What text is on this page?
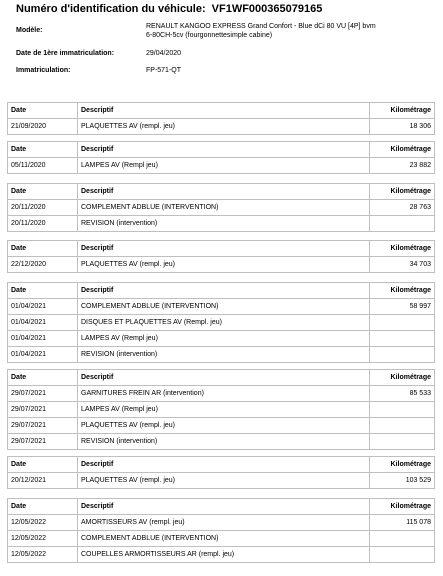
Numéro d'identification du véhicule: VF1WF000365079165
Modèle:
RENAULT KANGOO EXPRESS Grand Confort - Blue dCi 80 VU [4P] bvm
6-80CH-5cv (fourgonnettesimple cabine)
Date de 1ère immatriculation:	29/04/2020
Immatriculation:	FP-571-QT
Date	Descriptif	Kilométrage
21/09/2020	PLAQUETTES AV (rempl. jeu)	18 306
Date	Descriptif	Kilométrage
05/11/2020	LAMPES AV (Rempl jeu)	23 882
Date	Descriptif	Kilométrage
20/11/2020	COMPLEMENT ADBLUE (INTERVENTION)	28 763
20/11/2020	REVISION (intervention)	
Date	Descriptif	Kilométrage
22/12/2020	PLAQUETTES AV (rempl. jeu)	34 703
Date	Descriptif	Kilométrage
01/04/2021	COMPLEMENT ADBLUE (INTERVENTION)	58 997
01/04/2021	DISQUES ET PLAQUETTES AV (Rempl. jeu)	
01/04/2021	LAMPES AV (Rempl jeu)	
01/04/2021	REVISION (intervention)	
Date	Descriptif	Kilométrage
29/07/2021	GARNITURES FREIN AR (intervention)	85 533
29/07/2021	LAMPES AV (Rempl jeu)	
29/07/2021	PLAQUETTES AV (rempl. jeu)	
29/07/2021	REVISION (intervention)	
Date	Descriptif	Kilométrage
20/12/2021	PLAQUETTES AV (rempl. jeu)	103 529
Date	Descriptif	Kilométrage
12/05/2022	AMORTISSEURS AV (rempl. jeu)	115 078
12/05/2022	COMPLEMENT ADBLUE (INTERVENTION)	
12/05/2022	COUPELLES ARMORTISSEURS AR (rempl. jeu)	
